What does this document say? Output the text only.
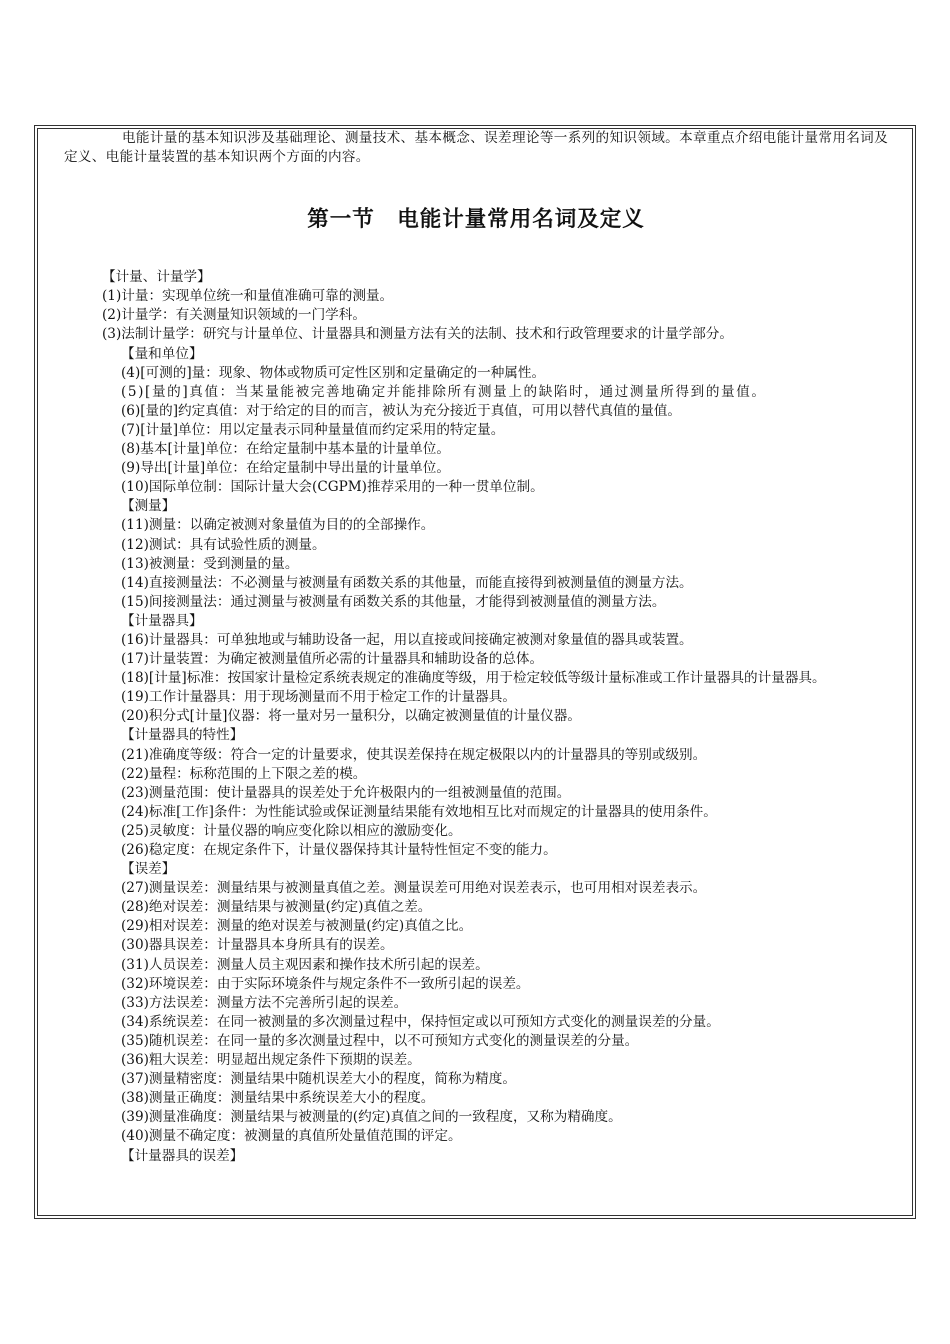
电能计量的基本知识涉及基础理论、测量技术、基本概念、误差理论等一系列的知识领域。本章重点介绍电能计量常用名词及定义、电能计量装置的基本知识两个方面的内容。

第一节　电能计量常用名词及定义

【计量、计量学】

(1)计量：实现单位统一和量值准确可靠的测量。

(2)计量学：有关测量知识领域的一门学科。

(3)法制计量学：研究与计量单位、计量器具和测量方法有关的法制、技术和行政管理要求的计量学部分。

【量和单位】

(4)[可测的]量：现象、物体或物质可定性区别和定量确定的一种属性。

(5)[量的]真值：当某量能被完善地确定并能排除所有测量上的缺陷时，通过测量所得到的量值。

(6)[量的]约定真值：对于给定的目的而言，被认为充分接近于真值，可用以替代真值的量值。

(7)[计量]单位：用以定量表示同种量量值而约定采用的特定量。

(8)基本[计量]单位：在给定量制中基本量的计量单位。

(9)导出[计量]单位：在给定量制中导出量的计量单位。

(10)国际单位制：国际计量大会(CGPM)推荐采用的一种一贯单位制。

【测量】

(11)测量：以确定被测对象量值为目的的全部操作。

(12)测试：具有试验性质的测量。

(13)被测量：受到测量的量。

(14)直接测量法：不必测量与被测量有函数关系的其他量，而能直接得到被测量值的测量方法。

(15)间接测量法：通过测量与被测量有函数关系的其他量，才能得到被测量值的测量方法。

【计量器具】

(16)计量器具：可单独地或与辅助设备一起，用以直接或间接确定被测对象量值的器具或装置。

(17)计量装置：为确定被测量值所必需的计量器具和辅助设备的总体。

(18)[计量]标准：按国家计量检定系统表规定的准确度等级，用于检定较低等级计量标准或工作计量器具的计量器具。

(19)工作计量器具：用于现场测量而不用于检定工作的计量器具。

(20)积分式[计量]仪器：将一量对另一量积分，以确定被测量值的计量仪器。

【计量器具的特性】

(21)准确度等级：符合一定的计量要求，使其误差保持在规定极限以内的计量器具的等别或级别。

(22)量程：标称范围的上下限之差的模。

(23)测量范围：使计量器具的误差处于允许极限内的一组被测量值的范围。

(24)标准[工作]条件：为性能试验或保证测量结果能有效地相互比对而规定的计量器具的使用条件。

(25)灵敏度：计量仪器的响应变化除以相应的激励变化。

(26)稳定度：在规定条件下，计量仪器保持其计量特性恒定不变的能力。

【误差】

(27)测量误差：测量结果与被测量真值之差。测量误差可用绝对误差表示，也可用相对误差表示。

(28)绝对误差：测量结果与被测量(约定)真值之差。

(29)相对误差：测量的绝对误差与被测量(约定)真值之比。

(30)器具误差：计量器具本身所具有的误差。

(31)人员误差：测量人员主观因素和操作技术所引起的误差。

(32)环境误差：由于实际环境条件与规定条件不一致所引起的误差。

(33)方法误差：测量方法不完善所引起的误差。

(34)系统误差：在同一被测量的多次测量过程中，保持恒定或以可预知方式变化的测量误差的分量。

(35)随机误差：在同一量的多次测量过程中，以不可预知方式变化的测量误差的分量。

(36)粗大误差：明显超出规定条件下预期的误差。

(37)测量精密度：测量结果中随机误差大小的程度，简称为精度。

(38)测量正确度：测量结果中系统误差大小的程度。

(39)测量准确度：测量结果与被测量的(约定)真值之间的一致程度，又称为精确度。

(40)测量不确定度：被测量的真值所处量值范围的评定。

【计量器具的误差】
